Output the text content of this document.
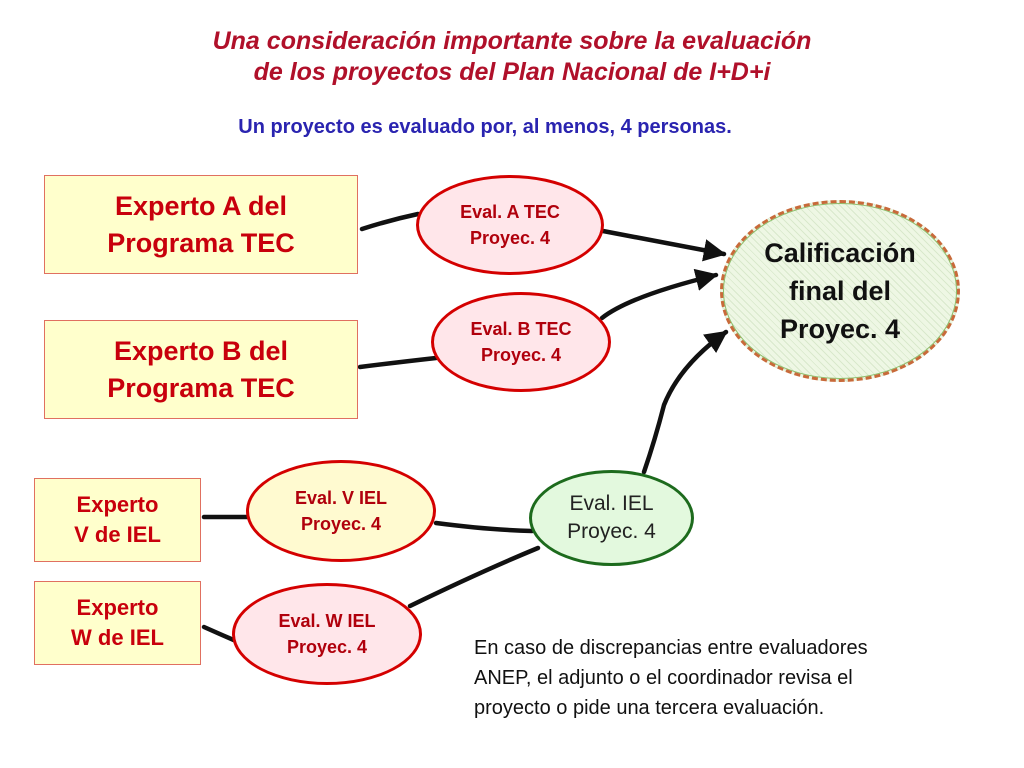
Una consideración importante sobre la evaluación
de los proyectos del Plan Nacional de I+D+i
Un proyecto es evaluado por, al menos, 4 personas.
Experto A del
Programa TEC
Experto B del
Programa TEC
Experto
V de IEL
Experto
W de IEL
Eval. A TEC
Proyec. 4
Eval. B TEC
Proyec. 4
Eval. V IEL
Proyec. 4
Eval. W IEL
Proyec. 4
Eval. IEL
Proyec. 4
Calificación
final del
Proyec. 4
En caso de discrepancias entre evaluadores
ANEP, el adjunto o el coordinador revisa el
proyecto o pide una tercera evaluación.
